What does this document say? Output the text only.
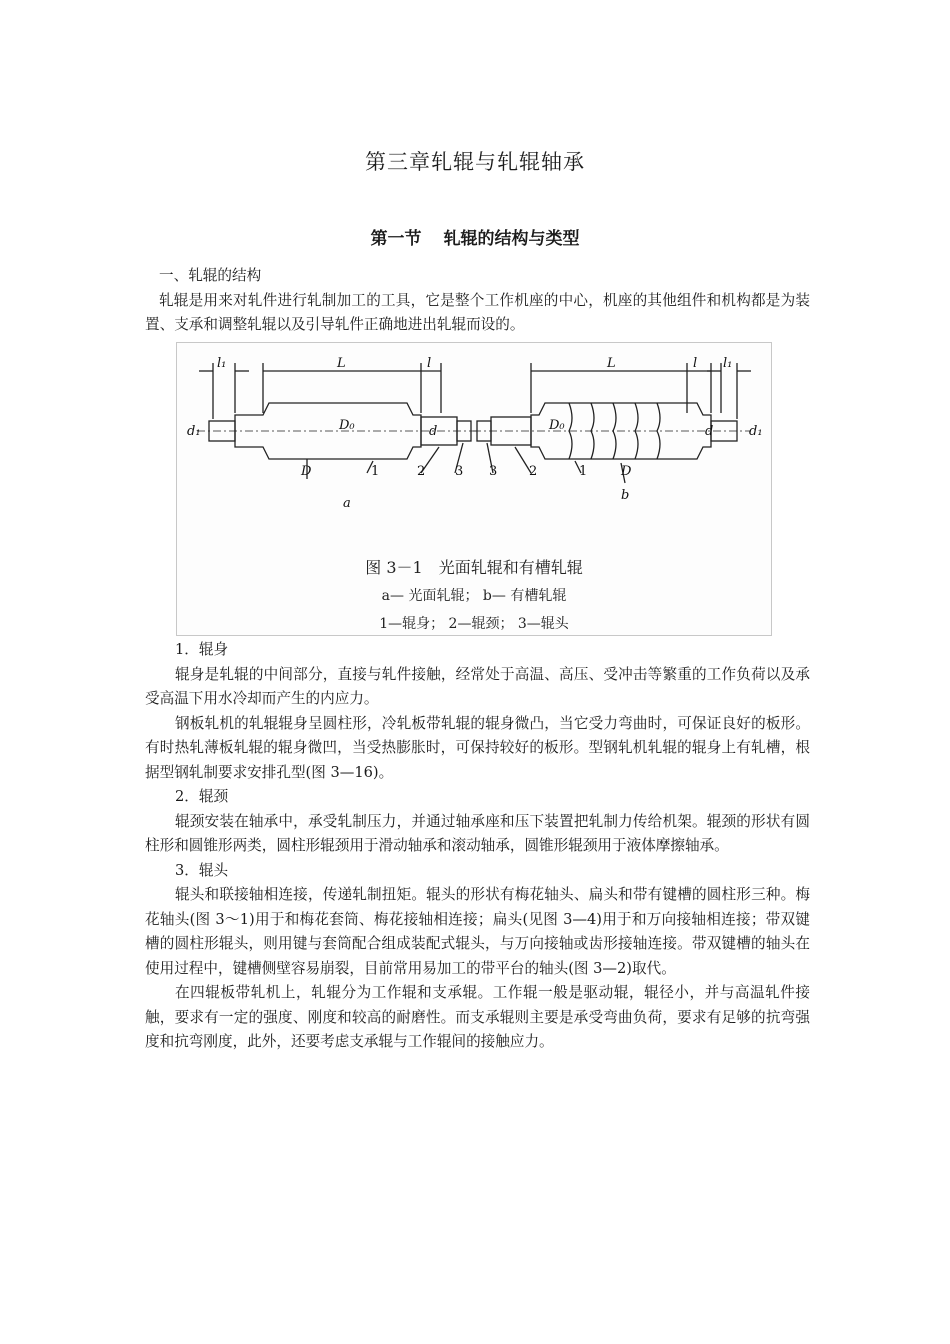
第三章轧辊与轧辊轴承
第一节 轧辊的结构与类型

一、轧辊的结构

轧辊是用来对轧件进行轧制加工的工具，它是整个工作机座的中心，机座的其他组件和机构都是为装置、支承和调整轧辊以及引导轧件正确地进出轧辊而设的。

l₁	L	l	L	l l₁
d₁	D₀	d
D
D₀	d	d₁
D
1	2 3 3 2	1
a
b
图 3－1　光面轧辊和有槽轧辊
a— 光面轧辊； b— 有槽轧辊
1—辊身； 2—辊颈； 3—辊头

1．辊身

辊身是轧辊的中间部分，直接与轧件接触，经常处于高温、高压、受冲击等繁重的工作负荷以及承受高温下用水冷却而产生的内应力。

钢板轧机的轧辊辊身呈圆柱形，冷轧板带轧辊的辊身微凸，当它受力弯曲时，可保证良好的板形。有时热轧薄板轧辊的辊身微凹，当受热膨胀时，可保持较好的板形。型钢轧机轧辊的辊身上有轧槽，根据型钢轧制要求安排孔型(图 3—16)。

2．辊颈

辊颈安装在轴承中，承受轧制压力，并通过轴承座和压下装置把轧制力传给机架。辊颈的形状有圆柱形和圆锥形两类，圆柱形辊颈用于滑动轴承和滚动轴承，圆锥形辊颈用于液体摩擦轴承。

3．辊头

辊头和联接轴相连接，传递轧制扭矩。辊头的形状有梅花轴头、扁头和带有键槽的圆柱形三种。梅花轴头(图 3～1)用于和梅花套筒、梅花接轴相连接；扁头(见图 3—4)用于和万向接轴相连接；带双键槽的圆柱形辊头，则用键与套筒配合组成装配式辊头，与万向接轴或齿形接轴连接。带双键槽的轴头在使用过程中，键槽侧壁容易崩裂，目前常用易加工的带平台的轴头(图 3—2)取代。

在四辊板带轧机上，轧辊分为工作辊和支承辊。工作辊一般是驱动辊，辊径小，并与高温轧件接触，要求有一定的强度、刚度和较高的耐磨性。而支承辊则主要是承受弯曲负荷，要求有足够的抗弯强度和抗弯刚度，此外，还要考虑支承辊与工作辊间的接触应力。
